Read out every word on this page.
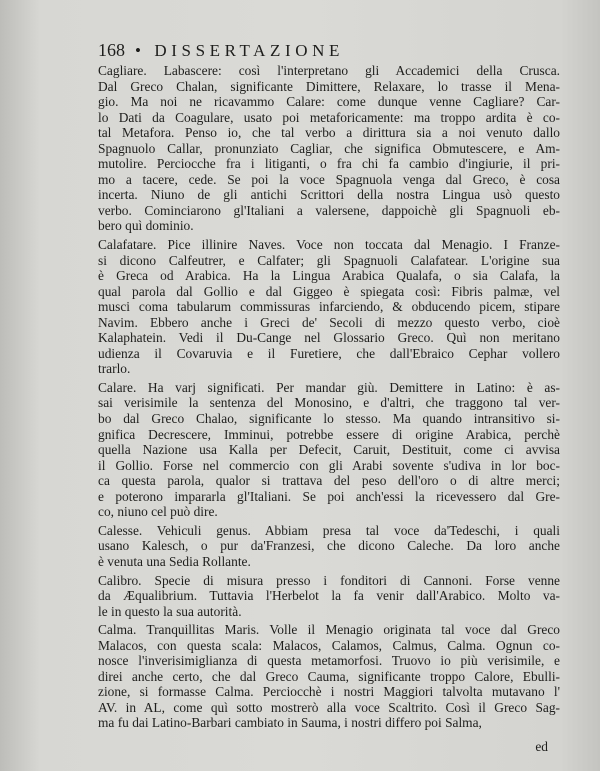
168 • DISSERTAZIONE
Cagliare. Labascere: così l'interpretano gli Accademici della Crusca.
Dal Greco Chalan, significante Dimittere, Relaxare, lo trasse il Mena-
gio. Ma noi ne ricavammo Calare: come dunque venne Cagliare? Car-
lo Dati da Coagulare, usato poi metaforicamente: ma troppo ardita è co-
tal Metafora. Penso io, che tal verbo a dirittura sia a noi venuto dallo
Spagnuolo Callar, pronunziato Cagliar, che significa Obmutescere, e Am-
mutolire. Perciocche fra i litiganti, o fra chi fa cambio d'ingiurie, il pri-
mo a tacere, cede. Se poi la voce Spagnuola venga dal Greco, è cosa
incerta. Niuno de gli antichi Scrittori della nostra Lingua usò questo
verbo. Cominciarono gl'Italiani a valersene, dappoichè gli Spagnuoli eb-
bero quì dominio.
Calafatare. Pice illinire Naves. Voce non toccata dal Menagio. I Franze-
si dicono Calfeutrer, e Calfater; gli Spagnuoli Calafatear. L'origine sua
è Greca od Arabica. Ha la Lingua Arabica Qualafa, o sia Calafa, la
qual parola dal Gollio e dal Giggeo è spiegata così: Fibris palmæ, vel
musci coma tabularum commissuras infarciendo, & obducendo picem, stipare
Navim. Ebbero anche i Greci de' Secoli di mezzo questo verbo, cioè
Kalaphatein. Vedi il Du-Cange nel Glossario Greco. Quì non meritano
udienza il Covaruvia e il Furetiere, che dall'Ebraico Cephar vollero
trarlo.
Calare. Ha varj significati. Per mandar giù. Demittere in Latino: è as-
sai verisimile la sentenza del Monosino, e d'altri, che traggono tal ver-
bo dal Greco Chalao, significante lo stesso. Ma quando intransitivo si-
gnifica Decrescere, Imminui, potrebbe essere di origine Arabica, perchè
quella Nazione usa Kalla per Defecit, Caruit, Destituit, come ci avvisa
il Gollio. Forse nel commercio con gli Arabi sovente s'udiva in lor boc-
ca questa parola, qualor si trattava del peso dell'oro o di altre merci;
e poterono impararla gl'Italiani. Se poi anch'essi la ricevessero dal Gre-
co, niuno cel può dire.
Calesse. Vehiculi genus. Abbiam presa tal voce da'Tedeschi, i quali
usano Kalesch, o pur da'Franzesi, che dicono Caleche. Da loro anche
è venuta una Sedia Rollante.
Calibro. Specie di misura presso i fonditori di Cannoni. Forse venne
da Æqualibrium. Tuttavia l'Herbelot la fa venir dall'Arabico. Molto va-
le in questo la sua autorità.
Calma. Tranquillitas Maris. Volle il Menagio originata tal voce dal Greco
Malacos, con questa scala: Malacos, Calamos, Calmus, Calma. Ognun co-
nosce l'inverisimiglianza di questa metamorfosi. Truovo io più verisimile, e
direi anche certo, che dal Greco Cauma, significante troppo Calore, Ebulli-
zione, si formasse Calma. Perciocchè i nostri Maggiori talvolta mutavano l'
AV. in AL, come quì sotto mostrerò alla voce Scaltrito. Così il Greco Sag-
ma fu dai Latino-Barbari cambiato in Sauma, i nostri differo poi Salma,
ed
